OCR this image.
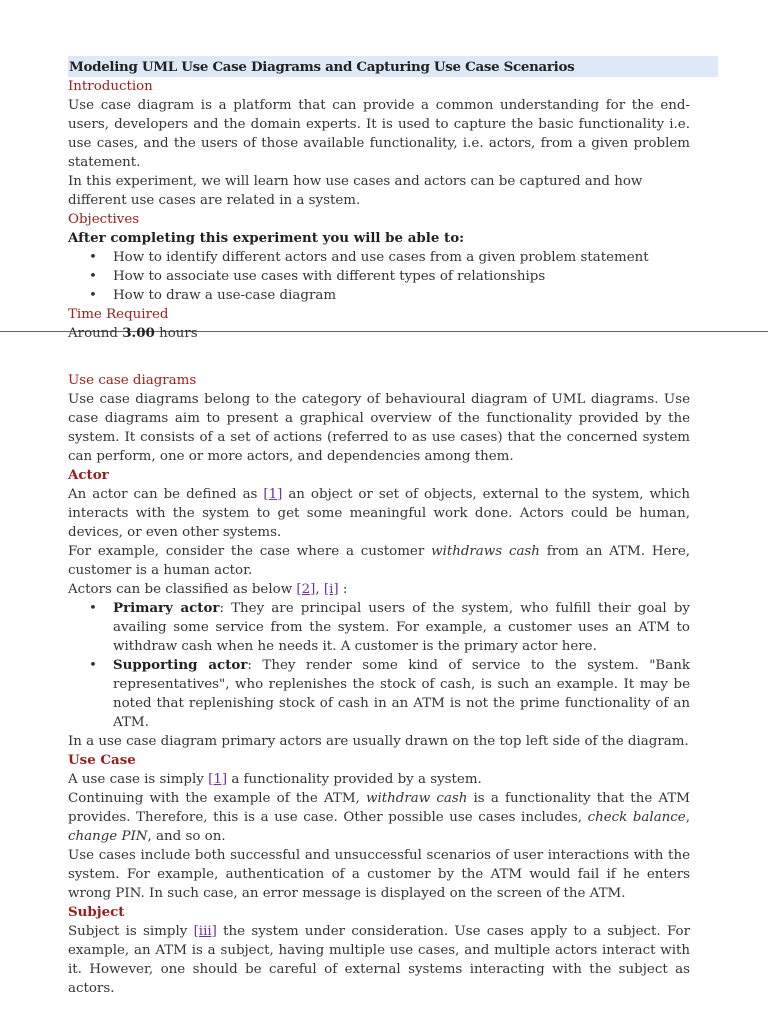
Modeling UML Use Case Diagrams and Capturing Use Case Scenarios
Introduction

Use case diagram is a platform that can provide a common understanding for the end-users, developers and the domain experts. It is used to capture the basic functionality i.e. use cases, and the users of those available functionality, i.e. actors, from a given problem statement.

In this experiment, we will learn how use cases and actors can be captured and how different use cases are related in a system.

Objectives

After completing this experiment you will be able to:

• How to identify different actors and use cases from a given problem statement
• How to associate use cases with different types of relationships
• How to draw a use-case diagram
Time Required

Around 3.00 hours

Use case diagrams

Use case diagrams belong to the category of behavioural diagram of UML diagrams. Use case diagrams aim to present a graphical overview of the functionality provided by the system. It consists of a set of actions (referred to as use cases) that the concerned system can perform, one or more actors, and dependencies among them.

Actor

An actor can be defined as [1] an object or set of objects, external to the system, which interacts with the system to get some meaningful work done. Actors could be human, devices, or even other systems.

For example, consider the case where a customer withdraws cash from an ATM. Here, customer is a human actor.

Actors can be classified as below [2], [i] :

• Primary actor: They are principal users of the system, who fulfill their goal by availing some service from the system. For example, a customer uses an ATM to withdraw cash when he needs it. A customer is the primary actor here.
• Supporting actor: They render some kind of service to the system. "Bank representatives", who replenishes the stock of cash, is such an example. It may be noted that replenishing stock of cash in an ATM is not the prime functionality of an ATM.

In a use case diagram primary actors are usually drawn on the top left side of the diagram.

Use Case

A use case is simply [1] a functionality provided by a system.

Continuing with the example of the ATM, withdraw cash is a functionality that the ATM provides. Therefore, this is a use case. Other possible use cases includes, check balance, change PIN, and so on.

Use cases include both successful and unsuccessful scenarios of user interactions with the system. For example, authentication of a customer by the ATM would fail if he enters wrong PIN. In such case, an error message is displayed on the screen of the ATM.

Subject

Subject is simply [iii] the system under consideration. Use cases apply to a subject. For example, an ATM is a subject, having multiple use cases, and multiple actors interact with it. However, one should be careful of external systems interacting with the subject as actors.
